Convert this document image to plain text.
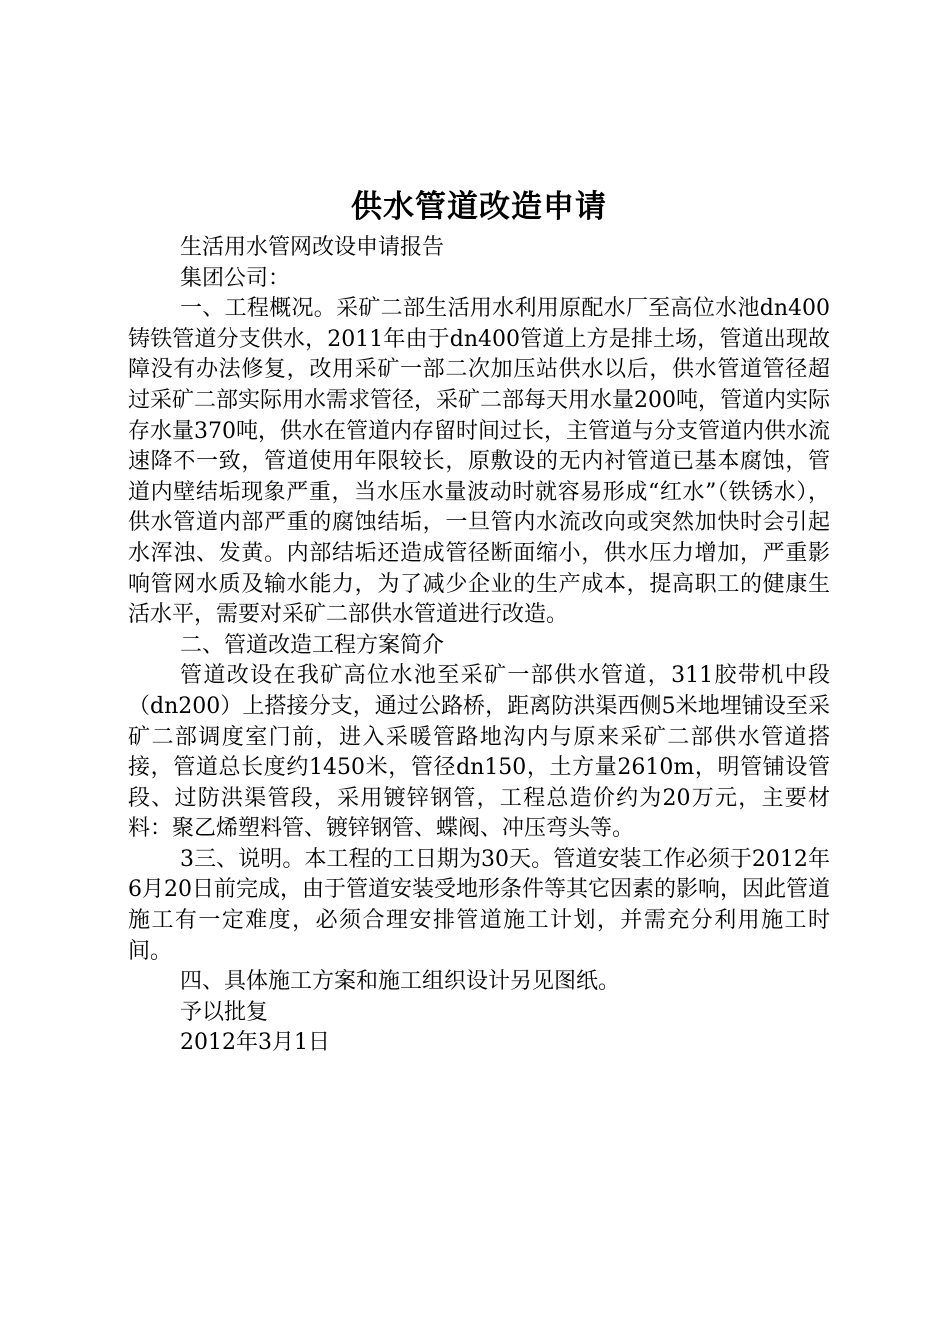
供水管道改造申请

生活用水管网改设申请报告

集团公司：

一、工程概况。采矿二部生活用水利用原配水厂至高位水池dn400铸铁管道分支供水，2011年由于dn400管道上方是排土场，管道出现故障没有办法修复，改用采矿一部二次加压站供水以后，供水管道管径超过采矿二部实际用水需求管径，采矿二部每天用水量200吨，管道内实际存水量370吨，供水在管道内存留时间过长，主管道与分支管道内供水流速降不一致，管道使用年限较长，原敷设的无内衬管道已基本腐蚀，管道内壁结垢现象严重，当水压水量波动时就容易形成“红水”（铁锈水），供水管道内部严重的腐蚀结垢，一旦管内水流改向或突然加快时会引起水浑浊、发黄。内部结垢还造成管径断面缩小，供水压力增加，严重影响管网水质及输水能力，为了减少企业的生产成本，提高职工的健康生活水平，需要对采矿二部供水管道进行改造。

二、管道改造工程方案简介

管道改设在我矿高位水池至采矿一部供水管道，311胶带机中段（dn200）上搭接分支，通过公路桥，距离防洪渠西侧5米地埋铺设至采矿二部调度室门前，进入采暖管路地沟内与原来采矿二部供水管道搭接，管道总长度约1450米，管径dn150，土方量2610m，明管铺设管段、过防洪渠管段，采用镀锌钢管，工程总造价约为20万元，主要材料：聚乙烯塑料管、镀锌钢管、蝶阀、冲压弯头等。

3三、说明。本工程的工日期为30天。管道安装工作必须于2012年6月20日前完成，由于管道安装受地形条件等其它因素的影响，因此管道施工有一定难度，必须合理安排管道施工计划，并需充分利用施工时间。

四、具体施工方案和施工组织设计另见图纸。

予以批复

2012年3月1日
